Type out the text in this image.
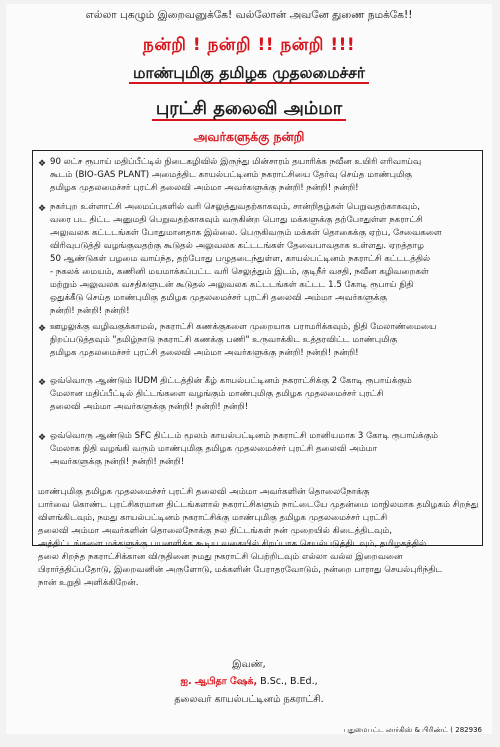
எல்லா புகழும் இறைவனுக்கே! வல்லோன் அவனே துணை நமக்கே!!
நன்றி ! நன்றி !! நன்றி !!!
மாண்புமிகு தமிழக முதலமைச்சர்
புரட்சி தலைவி அம்மா
அவர்களுக்கு நன்றி
❖ 90 லட்ச ரூபாய் மதிப்பீட்டில் நிடைகழிவில் இருந்து மின்சாரம் தயாரிக்க நவீன உயிரி எரிவாய்வு
கூடம் (BIO-GAS PLANT) அமைத்திட காயல்பட்டினம் நகராட்சியை தேர்வு செய்த மாண்புமிகு
தமிழக முதலமைச்சர் புரட்சி தலைவி அம்மா அவர்களுக்கு நன்றி! நன்றி! நன்றி!
❖ நகர்புற உள்ளாட்சி அமைப்புகளில் வரி செலுத்துவதற்காகவும், சான்றிதழ்கள் பெறுவதற்காகவும்,
வரை பட திட்ட அனுமதி பெறுவதற்காகவும் வருகின்ற பொது மக்களுக்கு தற்போதுள்ள நகராட்சி
அலுவலக கட்டடங்கள் போதுமானதாக இல்லை. பெருகிவரும் மக்கள் தொகைக்கு ஏற்ப, சேவைகளை
விரிவுபடுத்தி வழங்குவதற்கு கூடுதல் அலுவலக கட்டடங்கள் தேவைபாவதாக உள்ளது. ஏறத்தாழ
50 ஆண்டுகள் பழமை வாய்ந்த, தற்போது பழுதடைந்துள்ள, காயல்பட்டினம் நகராட்சி கட்டடத்தில்
- நகலக் மையம், கணினி மயமாக்கப்பட்ட வரி செலுத்தும் இடம், குடிநீர் வசதி, நவீன கழிவறைகள்
மற்றும் அலுவலக வசதிகளுடன் கூடுதல் அலுவலக கட்டடங்கள் கட்டட 1.5 கோடி ரூபாய் நிதி
ஒதுக்கீடு செய்த மாண்புமிகு தமிழக முதலமைச்சர் புரட்சி தலைவி அம்மா அவர்களுக்கு
நன்றி! நன்றி! நன்றி!
❖ ஊழலுக்கு வழிவகுக்காமல், நகராட்சி கணக்குகளை முறையாக பராமரிக்கவும், நிதி மேலாண்மையை
நிறப்படுத்தவும் "தமிழ்நாடு நகராட்சி கணக்கு பணி" உருவாக்கிட உத்தரவிட்ட மாண்புமிகு
தமிழக முதலமைச்சர் புரட்சி தலைவி அம்மா அவர்களுக்கு நன்றி! நன்றி! நன்றி!
❖ ஒவ்வொரு ஆண்டும் IUDM திட்டத்தின் கீழ் காயல்பட்டினம் நகராட்சிக்கு 2 கோடி ரூபாய்க்கும்
மேலான மதிப்பீட்டில் திட்டங்களை வழங்கும் மாண்புமிகு தமிழக முதலமைச்சர் புரட்சி
தலைவி அம்மா அவர்களுக்கு நன்றி! நன்றி! நன்றி!
❖ ஒவ்வொரு ஆண்டும் SFC திட்டம் மூலம் காயல்பட்டினம் நகராட்சி மானியமாக 3 கோடி ரூபாய்க்கும்
மேலாக நிதி வழங்கி வரும் மாண்புமிகு தமிழக முதலமைச்சர் புரட்சி தலைவி அம்மா
அவர்களுக்கு நன்றி! நன்றி! நன்றி!
மாண்புமிகு தமிழக முதலமைச்சர் புரட்சி தலைவி அம்மா அவர்களின் தொலைநோக்கு
பார்வை கொண்ட புரட்சிகரமான திட்டங்களால் நகராட்சிகளும் நாட்டையே முதன்மை மாநிலமாக தமிழகம் சிறந்து
விளங்கிடவும், நமது காயல்பட்டினம் நகராட்சிக்கு மாண்புமிகு தமிழக முதலமைச்சர் புரட்சி
தலைவி அம்மா அவர்களின் தொலைநோக்கு நல திட்டங்கள் நன் முறையில் கிடைத்திடவும்,
அத்திட்டங்களை மக்களுக்கு பயனளிக்க கூடிய வகையில் சிறப்பாக செயல்படுத்திடவும், தமிழகத்தில்
தலை சிறந்த நகராட்சிக்கான விருதினை நமது நகராட்சி பெற்றிடவும் எல்லா வல்ல இறைவனை
பிரார்த்திப்பதோடு, இறைவனின் அருளோடு, மக்களின் பேராதரவோடும், நன்றை பாராது செயல்புரிந்திட
நான் உறுதி அளிக்கிறேன்.
இவண்,
ஐ. ஆபிதா ஷேக், B.Sc., B.Ed.,
தலைவர் காயல்பட்டினம் நகராட்சி.
புதுமைபட்ட லார்கிஸ் & பிரிண்ட் ( 282936
